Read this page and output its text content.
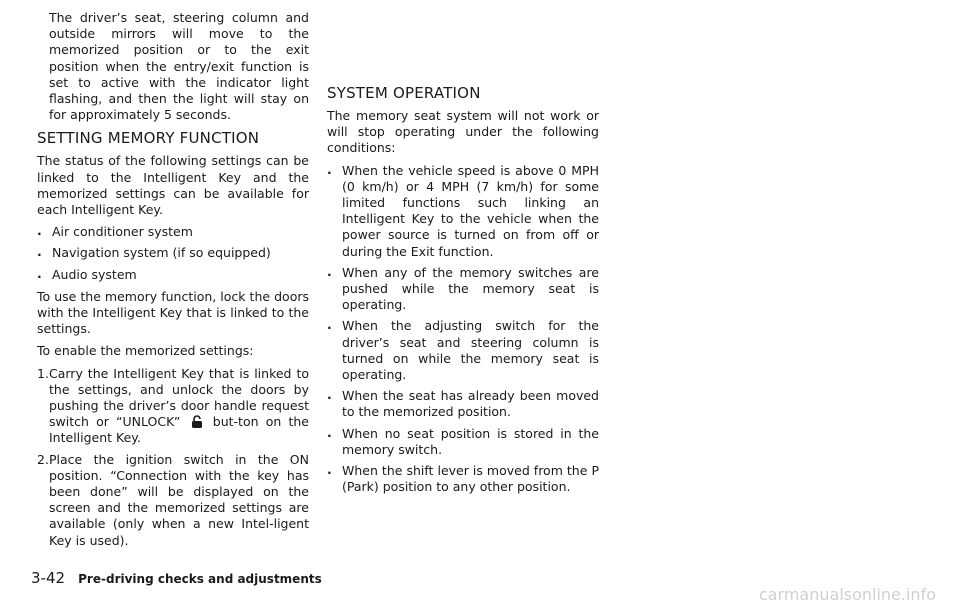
The driver’s seat, steering column and outside mirrors will move to the memorized position or to the exit position when the entry/exit function is set to active with the indicator light flashing, and then the light will stay on for approximately 5 seconds.

SETTING MEMORY FUNCTION

The status of the following settings can be linked to the Intelligent Key and the memorized settings can be available for each Intelligent Key.

. Air conditioner system
. Navigation system (if so equipped)
. Audio system

To use the memory function, lock the doors with the Intelligent Key that is linked to the settings.

To enable the memorized settings:

1. Carry the Intelligent Key that is linked to the settings, and unlock the doors by pushing the driver’s door handle request switch or “UNLOCK”	but-ton on the Intelligent Key.
2. Place the ignition switch in the ON position. “Connection with the key has been done” will be displayed on the screen and the memorized settings are available (only when a new Intel-ligent Key is used).
SYSTEM OPERATION

The memory seat system will not work or will stop operating under the following conditions:

. When the vehicle speed is above 0 MPH (0 km/h) or 4 MPH (7 km/h) for some limited functions such linking an Intelligent Key to the vehicle when the power source is turned on from off or during the Exit function.
. When any of the memory switches are pushed while the memory seat is operating.
. When the adjusting switch for the driver’s seat and steering column is turned on while the memory seat is operating.
. When the seat has already been moved to the memorized position.
. When no seat position is stored in the memory switch.
. When the shift lever is moved from the P (Park) position to any other position.
3-42 Pre-driving checks and adjustments
carmanualsonline.info
